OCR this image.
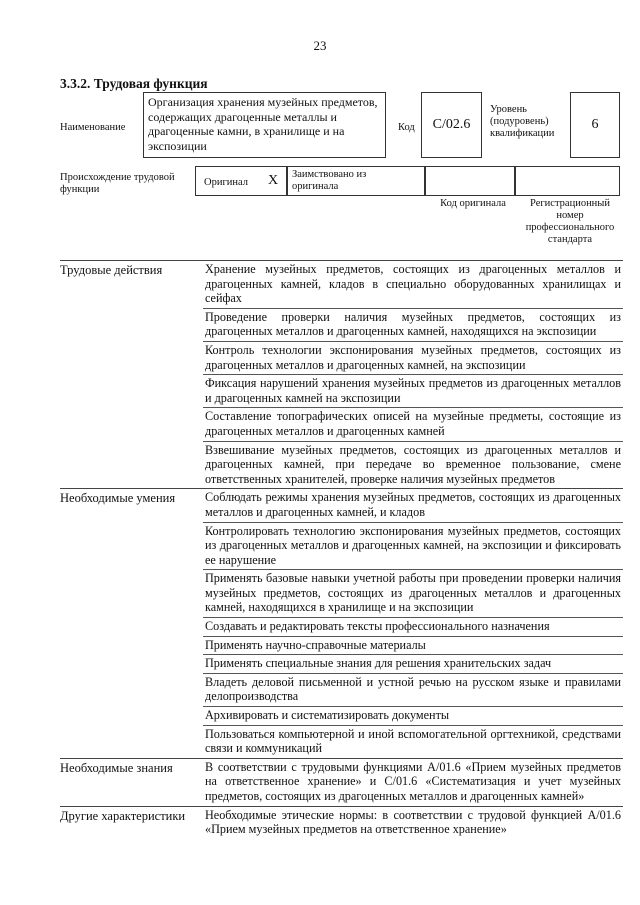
23
3.3.2. Трудовая функция
Наименование
Организация хранения музейных предметов, содержащих драгоценные металлы и драгоценные камни, в хранилище и на экспозиции
Код	C/02.6
Уровень (подуровень) квалификации
6
Происхождение трудовой функции
Оригинал X Заимствовано из оригинала
Код оригинала	Регистрационный номер профессионального стандарта
Трудовые действия	Хранение музейных предметов, состоящих из драгоценных металлов и драгоценных камней, кладов в специально оборудованных хранилищах и сейфах
Проведение проверки наличия музейных предметов, состоящих из драгоценных металлов и драгоценных камней, находящихся на экспозиции
Контроль технологии экспонирования музейных предметов, состоящих из драгоценных металлов и драгоценных камней, на экспозиции
Фиксация нарушений хранения музейных предметов из драгоценных металлов и драгоценных камней на экспозиции
Составление топографических описей на музейные предметы, состоящие из драгоценных металлов и драгоценных камней
Взвешивание музейных предметов, состоящих из драгоценных металлов и драгоценных камней, при передаче во временное пользование, смене ответственных хранителей, проверке наличия музейных предметов
Необходимые умения	Соблюдать режимы хранения музейных предметов, состоящих из драгоценных металлов и драгоценных камней, и кладов
Контролировать технологию экспонирования музейных предметов, состоящих из драгоценных металлов и драгоценных камней, на экспозиции и фиксировать ее нарушение
Применять базовые навыки учетной работы при проведении проверки наличия музейных предметов, состоящих из драгоценных металлов и драгоценных камней, находящихся в хранилище и на экспозиции
Создавать и редактировать тексты профессионального назначения
Применять научно-справочные материалы
Применять специальные знания для решения хранительских задач
Владеть деловой письменной и устной речью на русском языке и правилами делопроизводства
Архивировать и систематизировать документы
Пользоваться компьютерной и иной вспомогательной оргтехникой, средствами связи и коммуникаций
Необходимые знания	В соответствии с трудовыми функциями A/01.6 «Прием музейных предметов на ответственное хранение» и C/01.6 «Систематизация и учет музейных предметов, состоящих из драгоценных металлов и драгоценных камней»
Другие характеристики	Необходимые этические нормы: в соответствии с трудовой функцией A/01.6 «Прием музейных предметов на ответственное хранение»
